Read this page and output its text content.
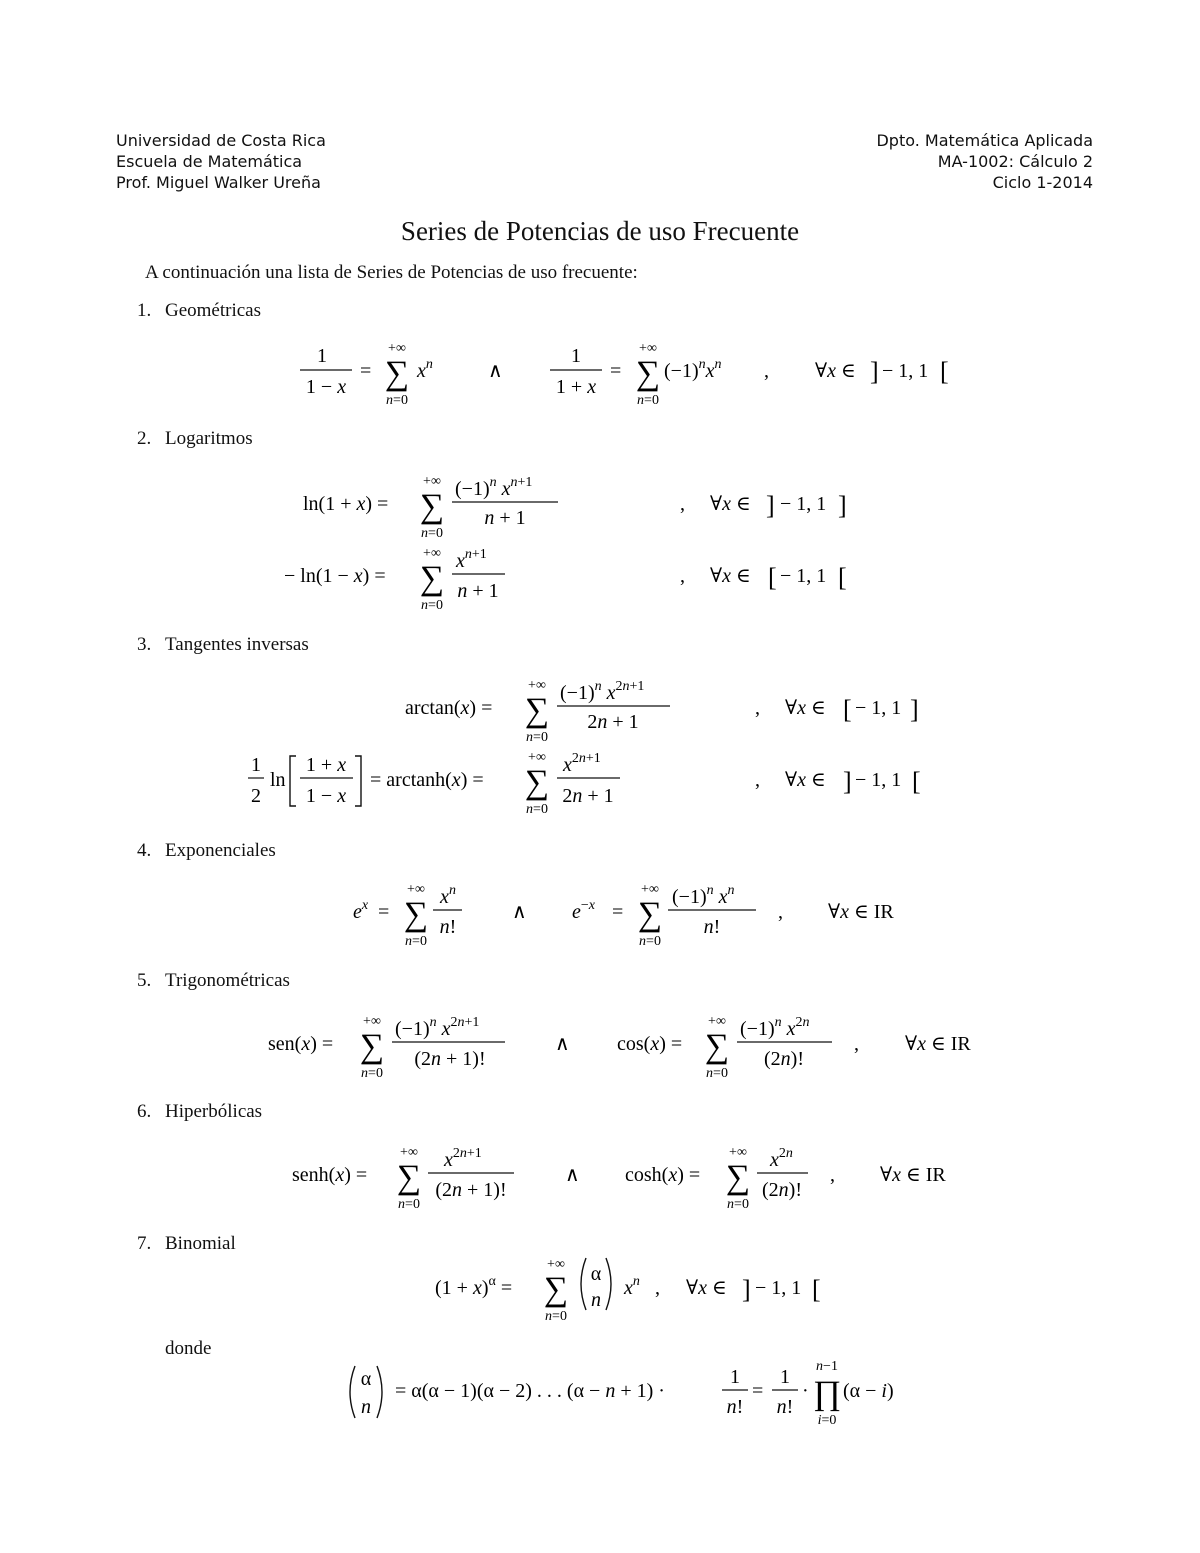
Universidad de Costa Rica
Escuela de Matemática
Prof. Miguel Walker Ureña
Dpto. Matemática Aplicada
MA-1002: Cálculo 2
Ciclo 1-2014
Series de Potencias de uso Frecuente
A continuación una lista de Series de Potencias de uso frecuente:
1. Geométricas
2. Logaritmos
3. Tangentes inversas
4. Exponenciales
5. Trigonométricas
6. Hiperbólicas
7. Binomial
donde
1
1 − x
=
+∞
∑
n=0
$x^n$	∧
1
1 + x
=
+∞
∑
n=0
$(-1)^nx^n$ , ∀x ∈ ] − 1, 1 [
ln(1 + x) =
+∞
∑
n=0
$(-1)^n$ $x^{n+1}$
n + 1
, ∀x ∈ ] − 1, 1 ]
− ln(1 − x) =
+∞
∑
n=0
$x^{n+1}$
n + 1
, ∀x ∈ [ − 1, 1 [
arctan(x) =
+∞
∑
n=0
$(-1)^n$ $x^{2n+1}$
2n + 1
, ∀x ∈ [ − 1, 1 ]
1
2
ln
1 + x
1 − x
= arctanh(x) =
+∞
∑
n=0
$x^{2n+1}$
2n + 1
, ∀x ∈ ] − 1, 1 [
$e^x$ =
+∞
∑
n=0
$x^n$
n!
∧ $e^{-x}$ =
+∞
∑
n=0
$(-1)^n$ $x^n$
n!
, ∀x ∈ IR
sen(x) =
+∞
∑
n=0
$(-1)^n$ $x^{2n+1}$
(2n + 1)!
∧ cos(x) =
+∞
∑
n=0
$(-1)^n$ $x^{2n}$
(2n)!
, ∀x ∈ IR
senh(x) =
+∞
∑
n=0
$x^{2n+1}$
(2n + 1)!
∧ cosh(x) =
+∞
∑
n=0
$x^{2n}$
(2n)!
, ∀x ∈ IR
$(1 + x)^\alpha$ =
+∞
∑
n=0
α
n
$x^n$ , ∀x ∈ ] − 1, 1 [
α
n
= α(α − 1)(α − 2) . . . (α − n + 1) ·
1
n!
=
1
n!
·
n−1
∏
i=0
(α − i)
